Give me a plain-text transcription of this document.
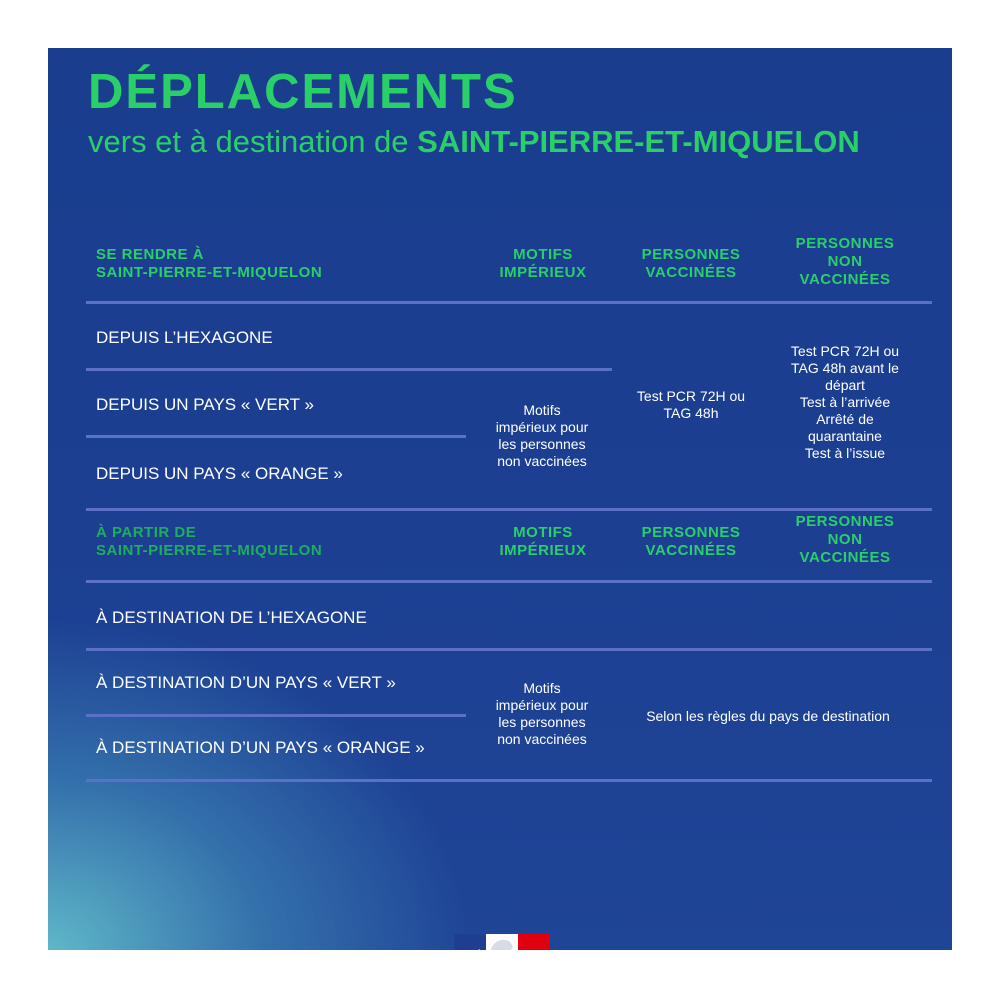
DÉPLACEMENTS

vers et à destination de SAINT-PIERRE-ET-MIQUELON

SE RENDRE À
SAINT-PIERRE-ET-MIQUELON
MOTIFS
IMPÉRIEUX
PERSONNES
VACCINÉES
PERSONNES
NON
VACCINÉES
DEPUIS L’HEXAGONE
DEPUIS UN PAYS « VERT »
DEPUIS UN PAYS « ORANGE »
Motifs
impérieux pour
les personnes
non vaccinées
Test PCR 72H ou
TAG 48h
Test PCR 72H ou
TAG 48h avant le
départ
Test à l’arrivée
Arrêté de
quarantaine
Test à l’issue
À PARTIR DE
SAINT-PIERRE-ET-MIQUELON
MOTIFS
IMPÉRIEUX
PERSONNES
VACCINÉES
PERSONNES
NON
VACCINÉES
À DESTINATION DE L’HEXAGONE
À DESTINATION D’UN PAYS « VERT »
À DESTINATION D’UN PAYS « ORANGE »
Motifs
impérieux pour
les personnes
non vaccinées
Selon les règles du pays de destination
